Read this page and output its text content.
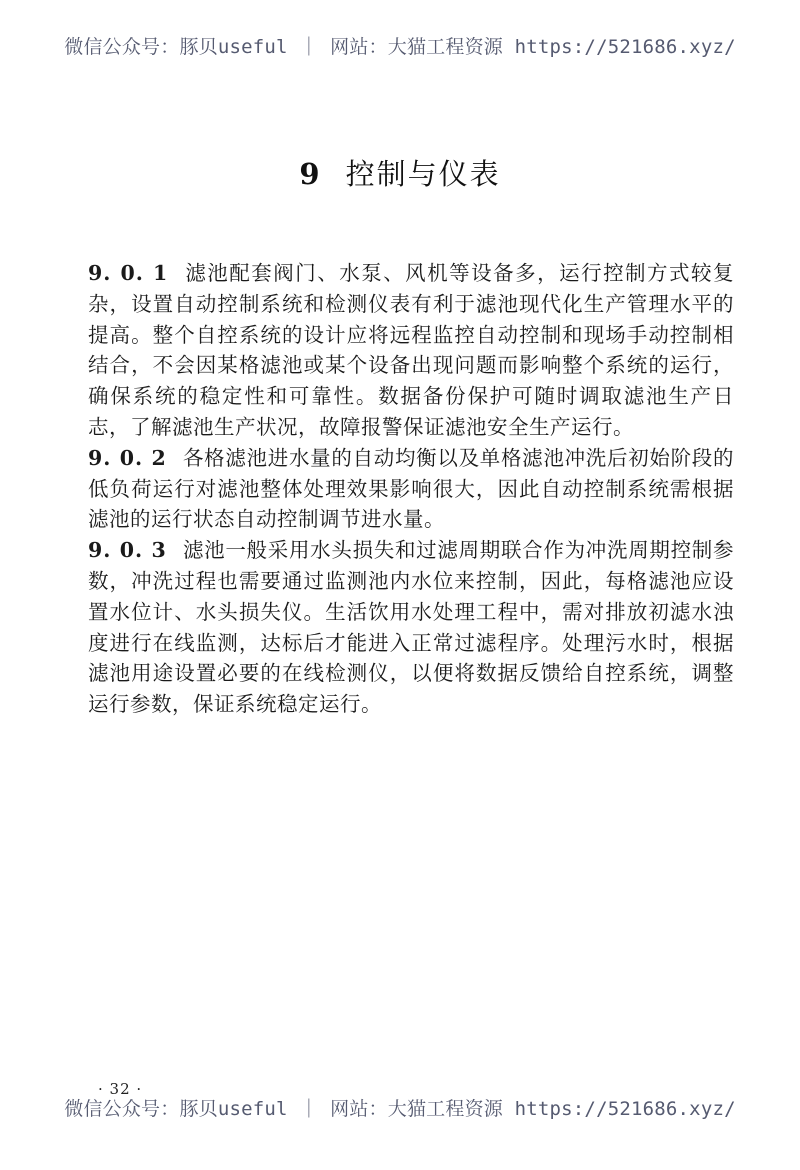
微信公众号：豚贝useful ｜ 网站：大猫工程资源 https://521686.xyz/
9 控制与仪表

9. 0. 1 滤池配套阀门、水泵、风机等设备多，运行控制方式较复杂，设置自动控制系统和检测仪表有利于滤池现代化生产管理水平的提高。整个自控系统的设计应将远程监控自动控制和现场手动控制相结合，不会因某格滤池或某个设备出现问题而影响整个系统的运行，确保系统的稳定性和可靠性。数据备份保护可随时调取滤池生产日志，了解滤池生产状况，故障报警保证滤池安全生产运行。

9. 0. 2 各格滤池进水量的自动均衡以及单格滤池冲洗后初始阶段的低负荷运行对滤池整体处理效果影响很大，因此自动控制系统需根据滤池的运行状态自动控制调节进水量。

9. 0. 3 滤池一般采用水头损失和过滤周期联合作为冲洗周期控制参数，冲洗过程也需要通过监测池内水位来控制，因此，每格滤池应设置水位计、水头损失仪。生活饮用水处理工程中，需对排放初滤水浊度进行在线监测，达标后才能进入正常过滤程序。处理污水时，根据滤池用途设置必要的在线检测仪，以便将数据反馈给自控系统，调整运行参数，保证系统稳定运行。

· 32 ·
微信公众号：豚贝useful ｜ 网站：大猫工程资源 https://521686.xyz/
